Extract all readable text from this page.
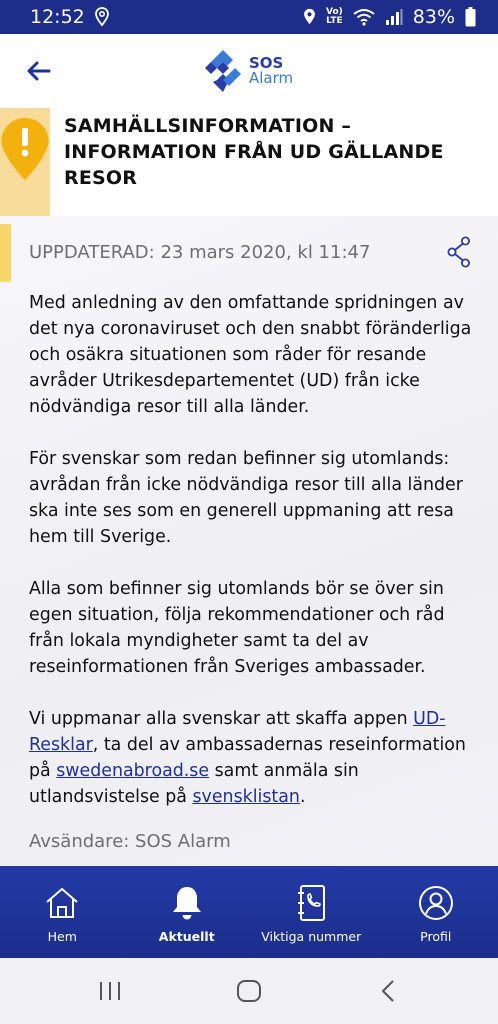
12:52	Vo)
LTE	83%
SOS
Alarm
SAMHÄLLSINFORMATION – INFORMATION FRÅN UD GÄLLANDE RESOR
UPPDATERAD: 23 mars 2020, kl 11:47

Med anledning av den omfattande spridningen av det nya coronaviruset och den snabbt föränderliga och osäkra situationen som råder för resande avråder Utrikesdepartementet (UD) från icke nödvändiga resor till alla länder.

För svenskar som redan befinner sig utomlands: avrådan från icke nödvändiga resor till alla länder ska inte ses som en generell uppmaning att resa hem till Sverige.

Alla som befinner sig utomlands bör se över sin egen situation, följa rekommendationer och råd från lokala myndigheter samt ta del av reseinformationen från Sveriges ambassader.

Vi uppmanar alla svenskar att skaffa appen UD-Resklar, ta del av ambassadernas reseinformation på swedenabroad.se samt anmäla sin utlandsvistelse på svensklistan.

Avsändare: SOS Alarm
Hem	Aktuellt	Viktiga nummer	Profil
